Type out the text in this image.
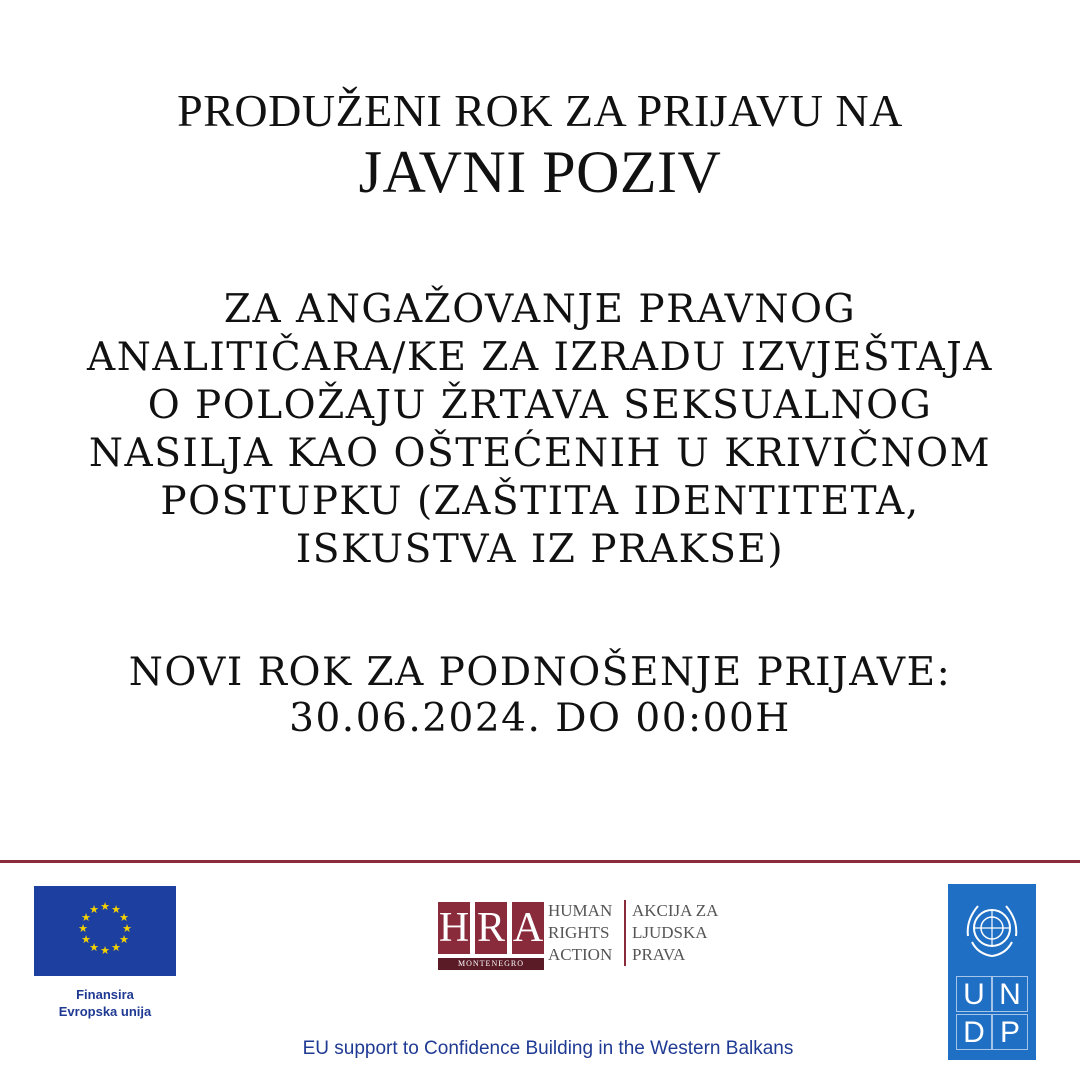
PRODUŽENI ROK ZA PRIJAVU NA
JAVNI POZIV
ZA ANGAŽOVANJE PRAVNOG
ANALITIČARA/KE ZA IZRADU IZVJEŠTAJA
O POLOŽAJU ŽRTAVA SEKSUALNOG
NASILJA KAO OŠTEĆENIH U KRIVIČNOM
POSTUPKU (ZAŠTITA IDENTITETA,
ISKUSTVA IZ PRAKSE)
NOVI ROK ZA PODNOŠENJE PRIJAVE:
30.06.2024. DO 00:00H
★ ★
★
★
★
★
★
★
★
★
★
★
Finansira
Evropska unija
H R A
MONTENEGRO
HUMAN
RIGHTS
ACTION
AKCIJA ZA
LJUDSKA
PRAVA
U N
D P
EU support to Confidence Building in the Western Balkans
